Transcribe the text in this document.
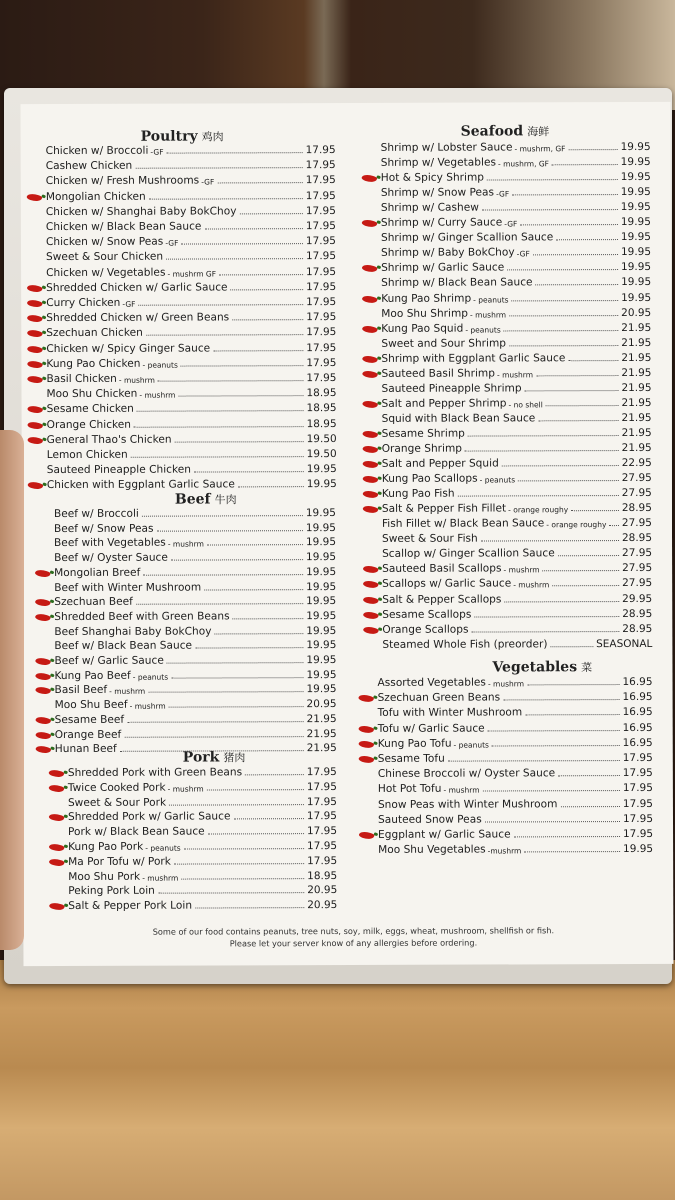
Poultry 鸡肉
Chicken w/ Broccoli -GF	17.95
Cashew Chicken	17.95
Chicken w/ Fresh Mushrooms -GF	17.95
Mongolian Chicken	17.95
Chicken w/ Shanghai Baby BokChoy	17.95
Chicken w/ Black Bean Sauce	17.95
Chicken w/ Snow Peas -GF	17.95
Sweet & Sour Chicken	17.95
Chicken w/ Vegetables - mushrm GF	17.95
Shredded Chicken w/ Garlic Sauce	17.95
Curry Chicken -GF	17.95
Shredded Chicken w/ Green Beans	17.95
Szechuan Chicken	17.95
Chicken w/ Spicy Ginger Sauce	17.95
Kung Pao Chicken - peanuts	17.95
Basil Chicken - mushrm	17.95
Moo Shu Chicken - mushrm	18.95
Sesame Chicken	18.95
Orange Chicken	18.95
General Thao's Chicken	19.50
Lemon Chicken	19.50
Sauteed Pineapple Chicken	19.95
Chicken with Eggplant Garlic Sauce	19.95
Beef 牛肉
Beef w/ Broccoli	19.95
Beef w/ Snow Peas	19.95
Beef with Vegetables - mushrm	19.95
Beef w/ Oyster Sauce	19.95
Mongolian Breef	19.95
Beef with Winter Mushroom	19.95
Szechuan Beef	19.95
Shredded Beef with Green Beans	19.95
Beef Shanghai Baby BokChoy	19.95
Beef w/ Black Bean Sauce	19.95
Beef w/ Garlic Sauce	19.95
Kung Pao Beef - peanuts	19.95
Basil Beef - mushrm	19.95
Moo Shu Beef - mushrm	20.95
Sesame Beef	21.95
Orange Beef	21.95
Hunan Beef	21.95
Pork 猪肉
Shredded Pork with Green Beans	17.95
Twice Cooked Pork - mushrm	17.95
Sweet & Sour Pork	17.95
Shredded Pork w/ Garlic Sauce	17.95
Pork w/ Black Bean Sauce	17.95
Kung Pao Pork - peanuts	17.95
Ma Por Tofu w/ Pork	17.95
Moo Shu Pork - mushrm	18.95
Peking Pork Loin	20.95
Salt & Pepper Pork Loin	20.95
Seafood 海鲜
Shrimp w/ Lobster Sauce - mushrm, GF	19.95
Shrimp w/ Vegetables - mushrm, GF	19.95
Hot & Spicy Shrimp	19.95
Shrimp w/ Snow Peas -GF	19.95
Shrimp w/ Cashew	19.95
Shrimp w/ Curry Sauce -GF	19.95
Shrimp w/ Ginger Scallion Sauce	19.95
Shrimp w/ Baby BokChoy -GF	19.95
Shrimp w/ Garlic Sauce	19.95
Shrimp w/ Black Bean Sauce	19.95
Kung Pao Shrimp - peanuts	19.95
Moo Shu Shrimp - mushrm	20.95
Kung Pao Squid - peanuts	21.95
Sweet and Sour Shrimp	21.95
Shrimp with Eggplant Garlic Sauce	21.95
Sauteed Basil Shrimp - mushrm	21.95
Sauteed Pineapple Shrimp	21.95
Salt and Pepper Shrimp - no shell	21.95
Squid with Black Bean Sauce	21.95
Sesame Shrimp	21.95
Orange Shrimp	21.95
Salt and Pepper Squid	22.95
Kung Pao Scallops - peanuts	27.95
Kung Pao Fish	27.95
Salt & Pepper Fish Fillet - orange roughy	28.95
Fish Fillet w/ Black Bean Sauce - orange roughy 27.95
Sweet & Sour Fish	28.95
Scallop w/ Ginger Scallion Sauce	27.95
Sauteed Basil Scallops - mushrm	27.95
Scallops w/ Garlic Sauce - mushrm	27.95
Salt & Pepper Scallops	29.95
Sesame Scallops	28.95
Orange Scallops	28.95
Steamed Whole Fish (preorder)	SEASONAL
Vegetables 菜
Assorted Vegetables - mushrm	16.95
Szechuan Green Beans	16.95
Tofu with Winter Mushroom	16.95
Tofu w/ Garlic Sauce	16.95
Kung Pao Tofu - peanuts	16.95
Sesame Tofu	17.95
Chinese Broccoli w/ Oyster Sauce	17.95
Hot Pot Tofu - mushrm	17.95
Snow Peas with Winter Mushroom	17.95
Sauteed Snow Peas	17.95
Eggplant w/ Garlic Sauce	17.95
Moo Shu Vegetables -mushrm	19.95
Some of our food contains peanuts, tree nuts, soy, milk, eggs, wheat, mushroom, shellfish or fish.
Please let your server know of any allergies before ordering.
